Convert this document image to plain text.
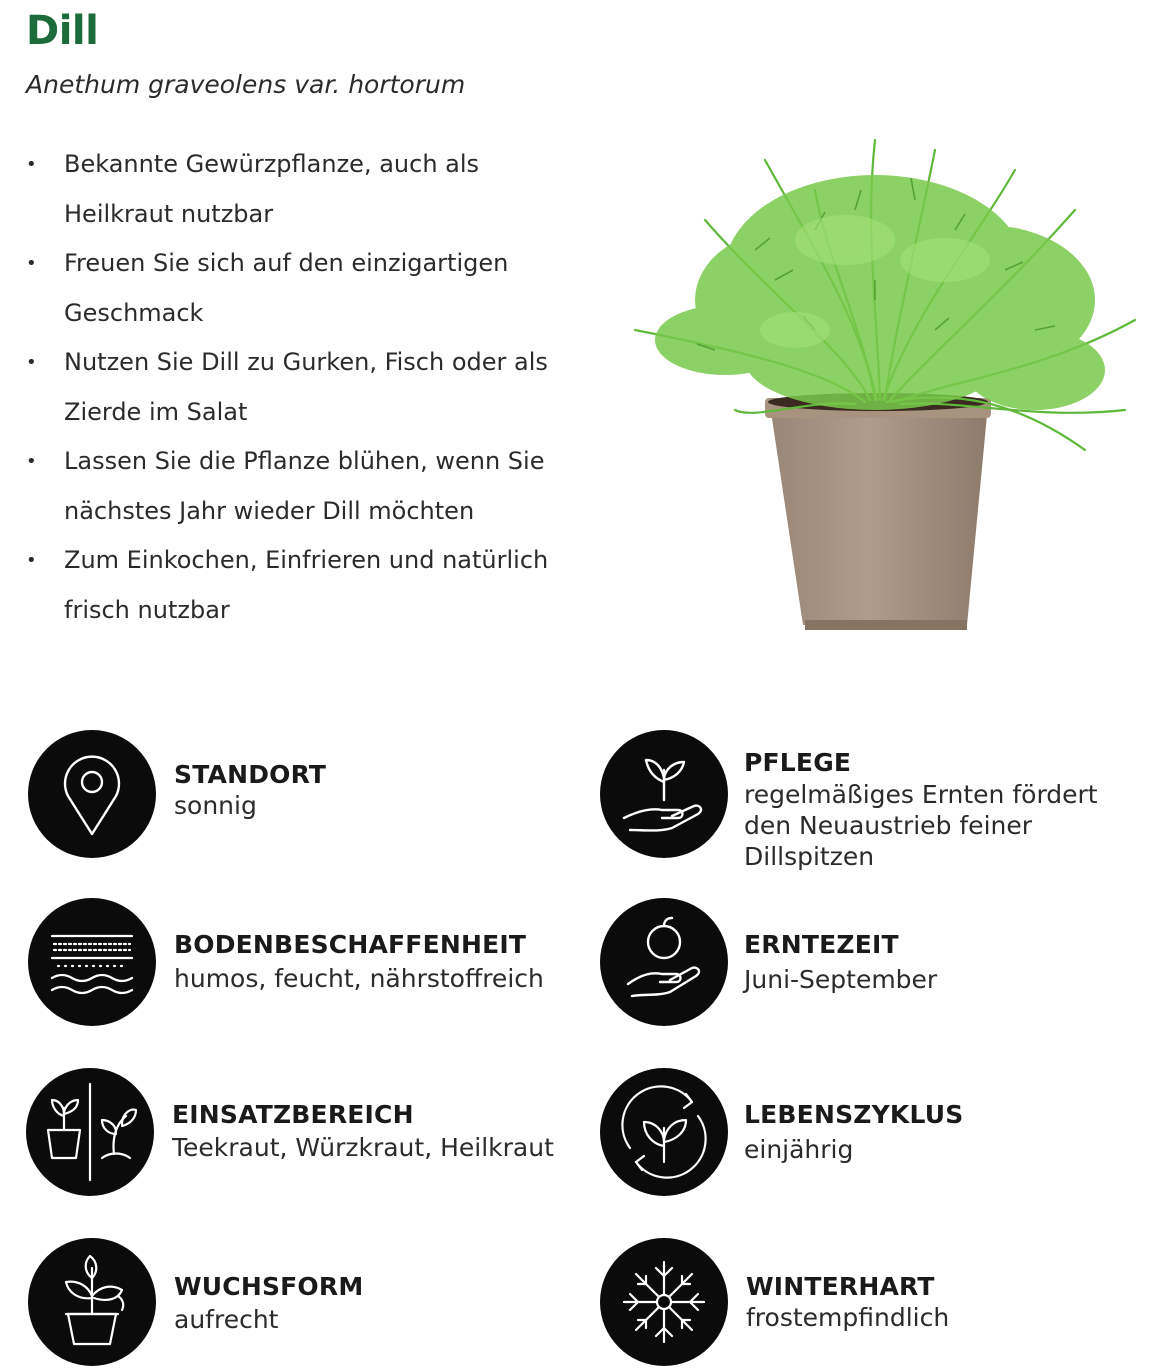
Dill
Anethum graveolens var. hortorum
• Bekannte Gewürzpflanze, auch als Heilkraut nutzbar
• Freuen Sie sich auf den einzigartigen Geschmack
• Nutzen Sie Dill zu Gurken, Fisch oder als Zierde im Salat
• Lassen Sie die Pflanze blühen, wenn Sie nächstes Jahr wieder Dill möchten
• Zum Einkochen, Einfrieren und natürlich frisch nutzbar
STANDORT
sonnig
PFLEGE
regelmäßiges Ernten fördert den Neuaustrieb feiner Dillspitzen
BODENBESCHAFFENHEIT
humos, feucht, nährstoffreich
ERNTEZEIT
Juni-September
EINSATZBEREICH
Teekraut, Würzkraut, Heilkraut
LEBENSZYKLUS
einjährig
WUCHSFORM
aufrecht
WINTERHART
frostempfindlich
